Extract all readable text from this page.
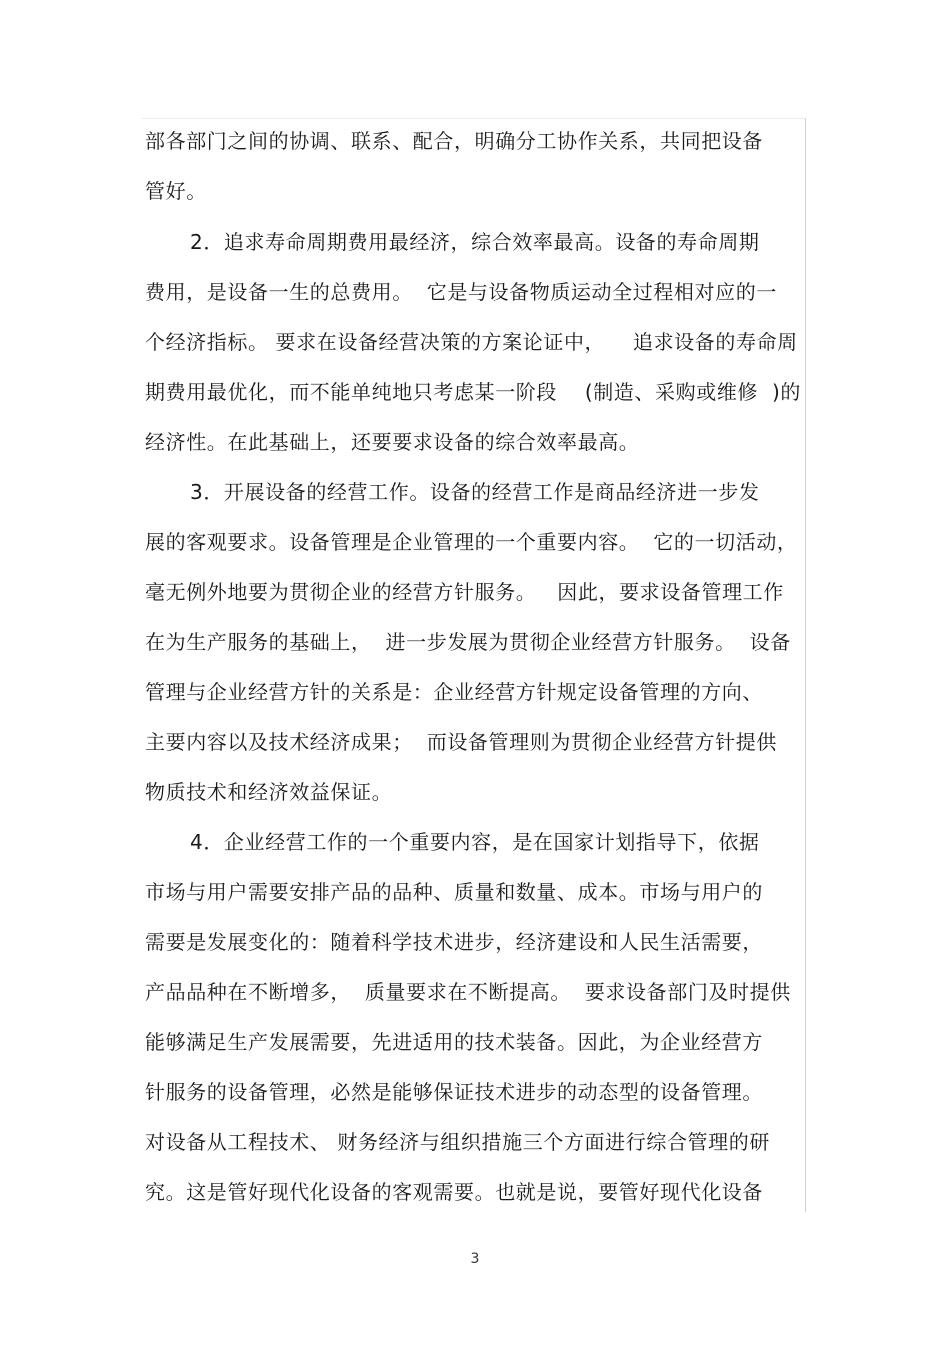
部各部门之间的协调、联系、配合，明确分工协作关系，共同把设备
管好。
2．追求寿命周期费用最经济，综合效率最高。设备的寿命周期
费用，是设备一生的总费用。  它是与设备物质运动全过程相对应的一
个经济指标。 要求在设备经营决策的方案论证中，    追求设备的寿命周
期费用最优化，而不能单纯地只考虑某一阶段    (制造、采购或维修  )的
经济性。在此基础上，还要要求设备的综合效率最高。
3．开展设备的经营工作。设备的经营工作是商品经济进一步发
展的客观要求。设备管理是企业管理的一个重要内容。  它的一切活动，
毫无例外地要为贯彻企业的经营方针服务。   因此，要求设备管理工作
在为生产服务的基础上，  进一步发展为贯彻企业经营方针服务。  设备
管理与企业经营方针的关系是：企业经营方针规定设备管理的方向、
主要内容以及技术经济成果；  而设备管理则为贯彻企业经营方针提供
物质技术和经济效益保证。
4．企业经营工作的一个重要内容，是在国家计划指导下，依据
市场与用户需要安排产品的品种、质量和数量、成本。市场与用户的
需要是发展变化的：随着科学技术进步，经济建设和人民生活需要，
产品品种在不断增多，  质量要求在不断提高。  要求设备部门及时提供
能够满足生产发展需要，先进适用的技术装备。因此，为企业经营方
针服务的设备管理，必然是能够保证技术进步的动态型的设备管理。
对设备从工程技术、 财务经济与组织措施三个方面进行综合管理的研
究。这是管好现代化设备的客观需要。也就是说，要管好现代化设备
3
